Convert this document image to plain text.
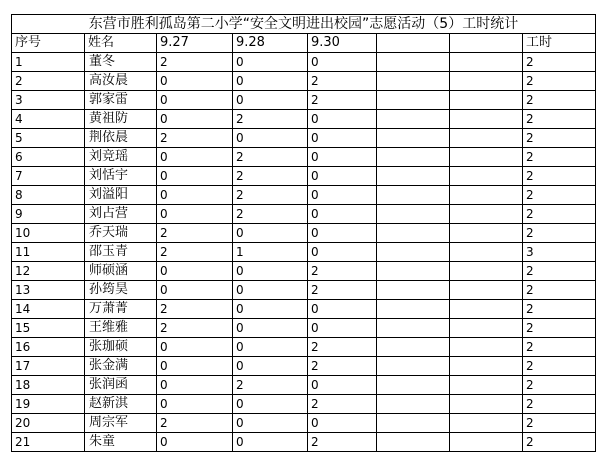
东营市胜利孤岛第二小学“安全文明进出校园”志愿活动（5）工时统计							
序号	姓名	9.27	9.28	9.30			工时
1	董冬	2	0	0			2
2	高汝晨	0	0	2			2
3	郭家雷	0	0	2			2
4	黄祖防	0	2	0			2
5	荆依晨	2	0	0			2
6	刘竞瑶	0	2	0			2
7	刘恬宇	0	2	0			2
8	刘溢阳	0	2	0			2
9	刘占营	0	2	0			2
10	乔天瑞	2	0	0			2
11	邵玉青	2	1	0			3
12	师硕涵	0	0	2			2
13	孙筠昊	0	0	2			2
14	万萧菁	2	0	0			2
15	王维雅	2	0	0			2
16	张珈硕	0	0	2			2
17	张金满	0	0	2			2
18	张润函	0	2	0			2
19	赵新淇	0	0	2			2
20	周宗军	2	0	0			2
21	朱童	0	0	2			2
